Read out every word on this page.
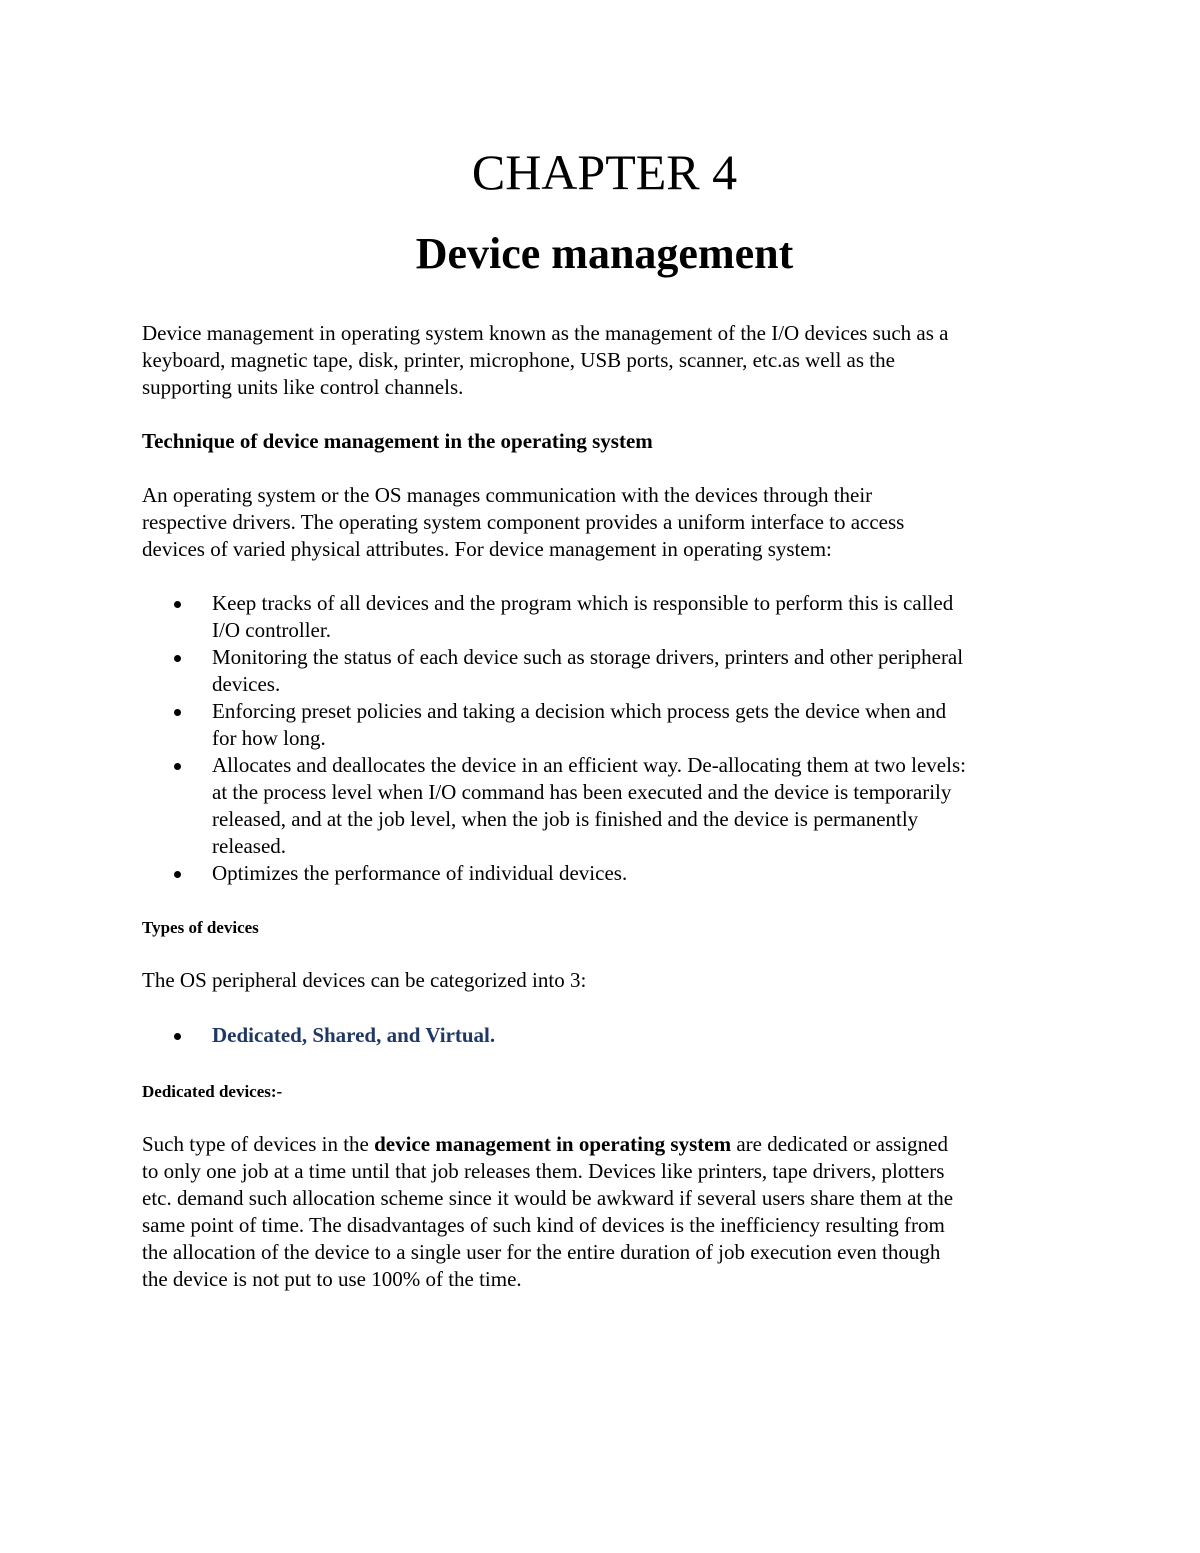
CHAPTER 4
Device management
Device management in operating system known as the management of the I/O devices such as a
keyboard, magnetic tape, disk, printer, microphone, USB ports, scanner, etc.as well as the
supporting units like control channels.

Technique of device management in the operating system

An operating system or the OS manages communication with the devices through their
respective drivers. The operating system component provides a uniform interface to access
devices of varied physical attributes. For device management in operating system:
Keep tracks of all devices and the program which is responsible to perform this is called
I/O controller.
Monitoring the status of each device such as storage drivers, printers and other peripheral
devices.
Enforcing preset policies and taking a decision which process gets the device when and
for how long.
Allocates and deallocates the device in an efficient way. De-allocating them at two levels:
at the process level when I/O command has been executed and the device is temporarily
released, and at the job level, when the job is finished and the device is permanently
released.
Optimizes the performance of individual devices.

Types of devices

The OS peripheral devices can be categorized into 3:
Dedicated, Shared, and Virtual.

Dedicated devices:-

Such type of devices in the device management in operating system are dedicated or assigned
to only one job at a time until that job releases them. Devices like printers, tape drivers, plotters
etc. demand such allocation scheme since it would be awkward if several users share them at the
same point of time. The disadvantages of such kind of devices is the inefficiency resulting from
the allocation of the device to a single user for the entire duration of job execution even though
the device is not put to use 100% of the time.
